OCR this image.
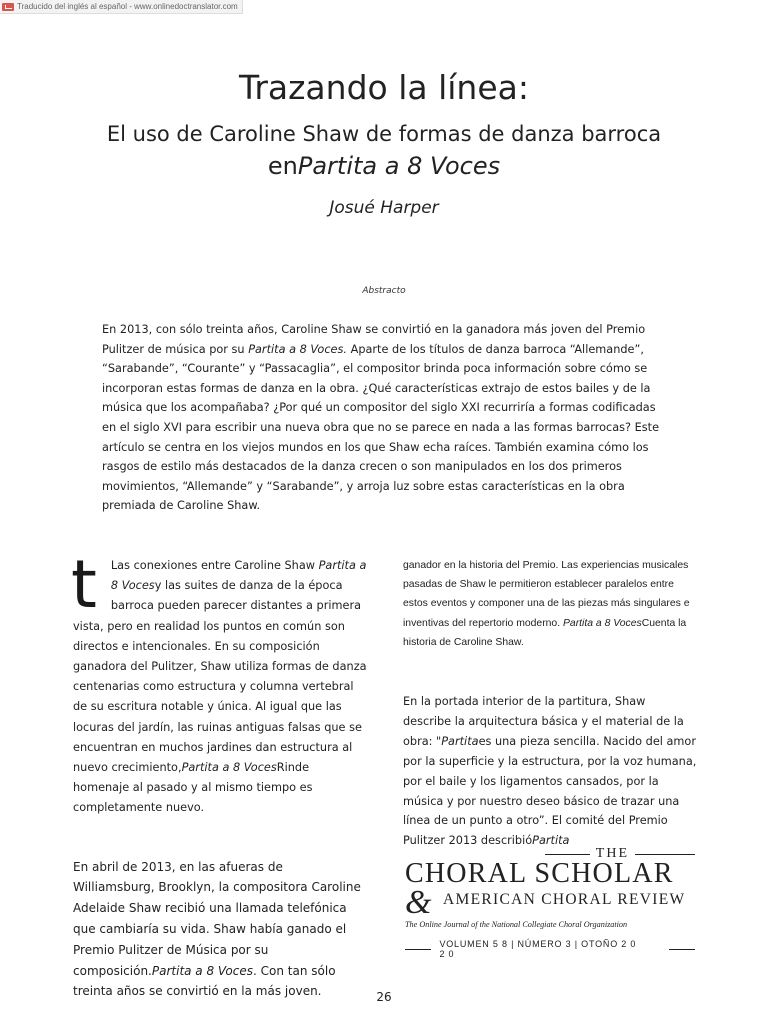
Traducido del inglés al español - www.onlinedoctranslator.com
Trazando la línea:
El uso de Caroline Shaw de formas de danza barroca
enPartita a 8 Voces
Josué Harper
Abstracto

En 2013, con sólo treinta años, Caroline Shaw se convirtió en la ganadora más joven del Premio Pulitzer de música por su Partita a 8 Voces. Aparte de los títulos de danza barroca “Allemande”, “Sarabande”, “Courante” y “Passacaglia”, el compositor brinda poca información sobre cómo se incorporan estas formas de danza en la obra. ¿Qué características extrajo de estos bailes y de la música que los acompañaba? ¿Por qué un compositor del siglo XXI recurriría a formas codificadas en el siglo XVI para escribir una nueva obra que no se parece en nada a las formas barrocas? Este artículo se centra en los viejos mundos en los que Shaw echa raíces. También examina cómo los rasgos de estilo más destacados de la danza crecen o son manipulados en los dos primeros movimientos, “Allemande” y “Sarabande”, y arroja luz sobre estas características en la obra premiada de Caroline Shaw.

t	Las conexiones entre Caroline Shaw Partita a 8 Vocesy las suites de danza de la época barroca pueden parecer distantes a primera vista, pero en realidad los puntos en común son directos e intencionales. En su composición ganadora del Pulitzer, Shaw utiliza formas de danza centenarias como estructura y columna vertebral de su escritura notable y única. Al igual que las locuras del jardín, las ruinas antiguas falsas que se encuentran en muchos jardines dan estructura al nuevo crecimiento,Partita a 8 VocesRinde homenaje al pasado y al mismo tiempo es completamente nuevo.

En abril de 2013, en las afueras de Williamsburg, Brooklyn, la compositora Caroline Adelaide Shaw recibió una llamada telefónica que cambiaría su vida. Shaw había ganado el Premio Pulitzer de Música por su composición.Partita a 8 Voces. Con tan sólo treinta años se convirtió en la más joven.

ganador en la historia del Premio. Las experiencias musicales pasadas de Shaw le permitieron establecer paralelos entre estos eventos y componer una de las piezas más singulares e inventivas del repertorio moderno. Partita a 8 VocesCuenta la historia de Caroline Shaw.

En la portada interior de la partitura, Shaw describe la arquitectura básica y el material de la obra: "Partitaes una pieza sencilla. Nacido del amor por la superficie y la estructura, por la voz humana, por el baile y los ligamentos cansados, por la música y por nuestro deseo básico de trazar una línea de un punto a otro”. El comité del Premio Pulitzer 2013 describióPartita

THE
CHORAL SCHOLAR
& AMERICAN CHORAL REVIEW
The Online Journal of the National Collegiate Choral Organization
VOLUMEN 5 8 | NÚMERO 3 | OTOÑO 2 0 2 0
26
